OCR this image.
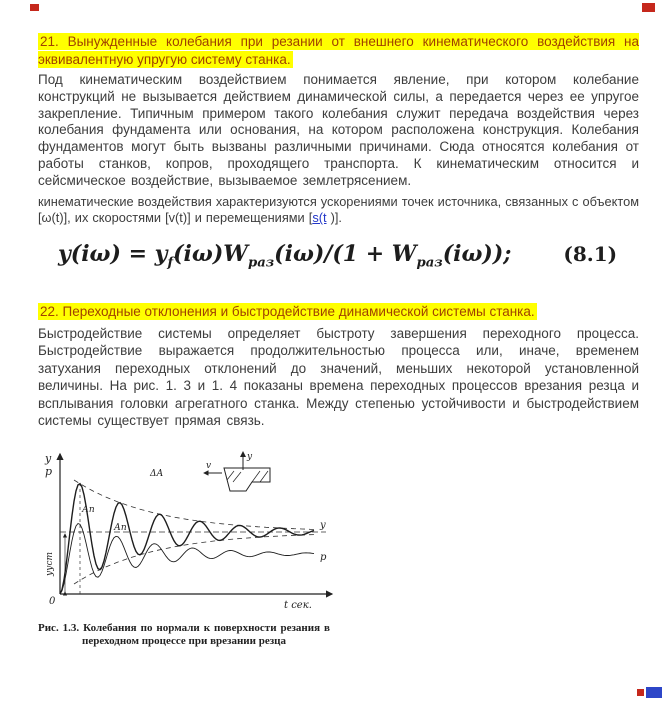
21. Вынужденные колебания при резании от внешнего кинематического воздействия на эквивалентную упругую систему станка.

Под кинематическим воздействием понимается явление, при котором колебание конструкций не вызывается действием динамической силы, а передается через ее упругое закрепление. Типичным примером такого колебания служит передача воздействия через колебания фундамента или основания, на котором расположена конструкция. Колебания фундаментов могут быть вызваны различными причинами. Сюда относятся колебания от работы станков, копров, проходящего транспорта. К кинематическим относится и сейсмическое воздействие, вызываемое землетрясением.

кинематические воздействия характеризуются ускорениями точек источника, связанных с объектом [ω(t)], их скоростями [v(t)] и перемещениями [s(t )].

$y(i\omega) = y_f(i\omega)W_{раз}(i\omega)/(1 + W_{раз}(i\omega))$;	(8.1)

22. Переходные отклонения и быстродействие динамической системы станка.

Быстродействие системы определяет быстроту завершения переходного процесса. Быстродействие выражается продолжительностью процесса или, иначе, временем затухания переходных отклонений до значений, меньших некоторой установленной величины. На рис. 1. 3 и 1. 4 показаны времена переходных процессов врезания резца и всплывания головки агрегатного станка. Между степенью устойчивости и быстродействием системы существует прямая связь.

у
р
0	t сек.
ууст
Ап
Ап
ΔА
у
р
у
v

Рис. 1.3. Колебания по нормали к поверхности резания в переходном процессе при врезании резца
